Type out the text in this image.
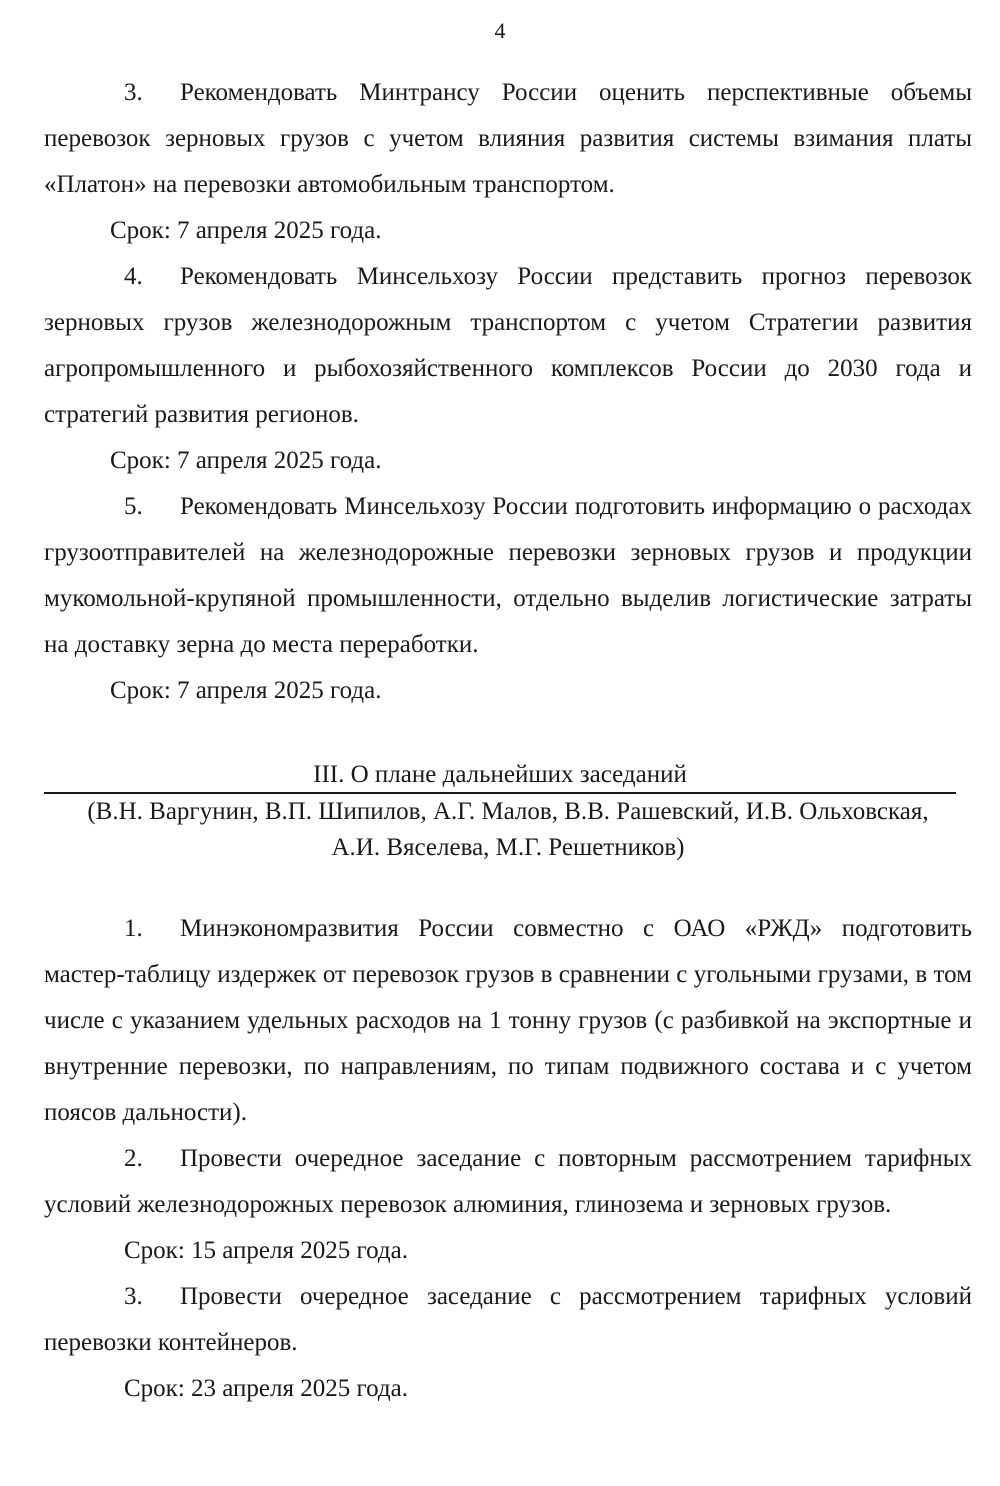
4

3. Рекомендовать Минтрансу России оценить перспективные объемы перевозок зерновых грузов с учетом влияния развития системы взимания платы «Платон» на перевозки автомобильным транспортом.

Срок: 7 апреля 2025 года.

4. Рекомендовать Минсельхозу России представить прогноз перевозок зерновых грузов железнодорожным транспортом с учетом Стратегии развития агропромышленного и рыбохозяйственного комплексов России до 2030 года и стратегий развития регионов.

Срок: 7 апреля 2025 года.

5. Рекомендовать Минсельхозу России подготовить информацию о расходах грузоотправителей на железнодорожные перевозки зерновых грузов и продукции мукомольной-крупяной промышленности, отдельно выделив логистические затраты на доставку зерна до места переработки.

Срок: 7 апреля 2025 года.

III. О плане дальнейших заседаний
(В.Н. Варгунин, В.П. Шипилов, А.Г. Малов, В.В. Рашевский, И.В. Ольховская,
А.И. Вяселева, М.Г. Решетников)

1. Минэкономразвития России совместно с ОАО «РЖД» подготовить мастер-таблицу издержек от перевозок грузов в сравнении с угольными грузами, в том числе с указанием удельных расходов на 1 тонну грузов (с разбивкой на экспортные и внутренние перевозки, по направлениям, по типам подвижного состава и с учетом поясов дальности).

2. Провести очередное заседание с повторным рассмотрением тарифных условий железнодорожных перевозок алюминия, глинозема и зерновых грузов.

Срок: 15 апреля 2025 года.

3. Провести очередное заседание с рассмотрением тарифных условий перевозки контейнеров.

Срок: 23 апреля 2025 года.
